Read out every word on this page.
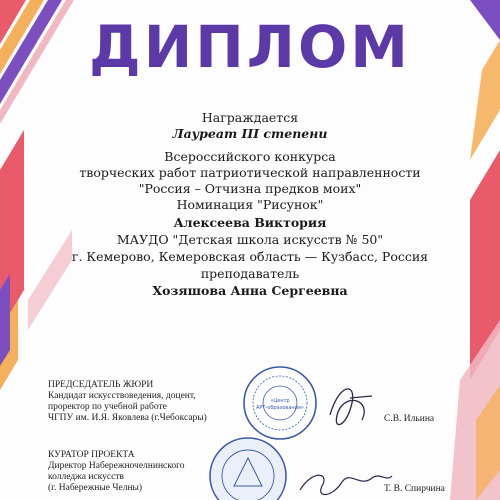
«Центр
АРТ-образования»
ДИПЛОМ
Награждается
Лауреат III степени
Всероссийского конкурса
творческих работ патриотической направленности
"Россия – Отчизна предков моих"
Номинация "Рисунок"
Алексеева Виктория
МАУДО "Детская школа искусств № 50"
г. Кемерово, Кемеровская область — Кузбасс, Россия
преподаватель
Хозяшова Анна Сергеевна
ПРЕДСЕДАТЕЛЬ ЖЮРИ
Кандидат искусствоведения, доцент,
проректор по учебной работе
ЧГПУ им. И.Я. Яковлева (г.Чебоксары)	С.В. Ильина
КУРАТОР ПРОЕКТА
Директор Набережночелнинского
колледжа искусств
(г. Набережные Челны)	Т. В. Спирчина
